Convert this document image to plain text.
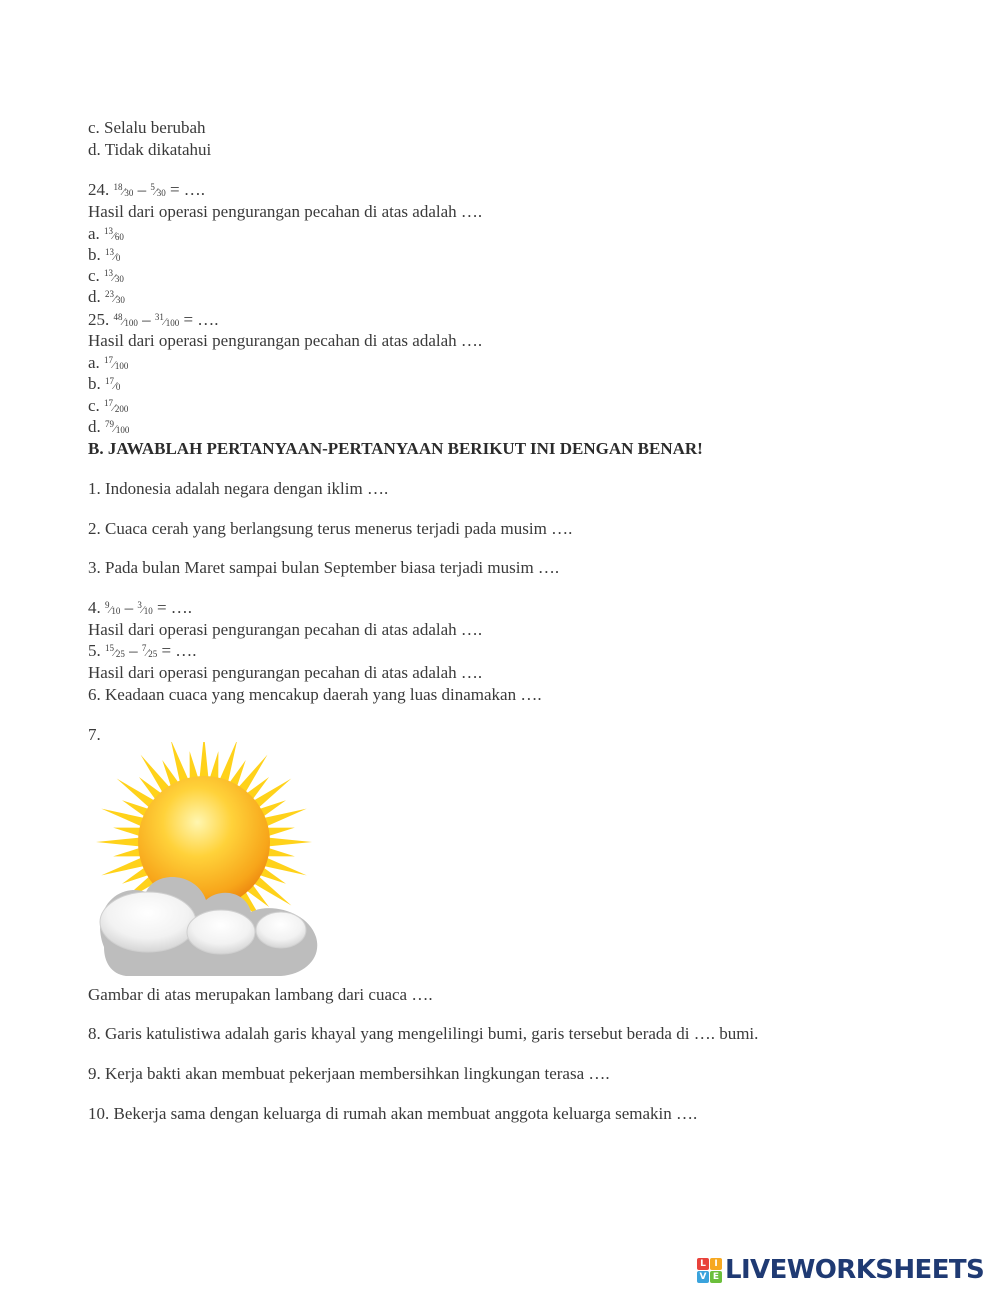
c. Selalu berubah
d. Tidak dikatahui
24. 18⁄30 – 5⁄30 = ….
Hasil dari operasi pengurangan pecahan di atas adalah ….
a. 13⁄60
b. 13⁄0
c. 13⁄30
d. 23⁄30
25. 48⁄100 – 31⁄100 = ….
Hasil dari operasi pengurangan pecahan di atas adalah ….
a. 17⁄100
b. 17⁄0
c. 17⁄200
d. 79⁄100
B. JAWABLAH PERTANYAAN-PERTANYAAN BERIKUT INI DENGAN BENAR!
1. Indonesia adalah negara dengan iklim ….
2. Cuaca cerah yang berlangsung terus menerus terjadi pada musim ….
3. Pada bulan Maret sampai bulan September biasa terjadi musim ….
4. 9⁄10 – 3⁄10 = ….
Hasil dari operasi pengurangan pecahan di atas adalah ….
5. 15⁄25 – 7⁄25 = ….
Hasil dari operasi pengurangan pecahan di atas adalah ….
6. Keadaan cuaca yang mencakup daerah yang luas dinamakan ….
7.
Gambar di atas merupakan lambang dari cuaca ….
8. Garis katulistiwa adalah garis khayal yang mengelilingi bumi, garis tersebut berada di …. bumi.
9. Kerja bakti akan membuat pekerjaan membersihkan lingkungan terasa ….
10. Bekerja sama dengan keluarga di rumah akan membuat anggota keluarga semakin ….
L I
V E LIVEWORKSHEETS
